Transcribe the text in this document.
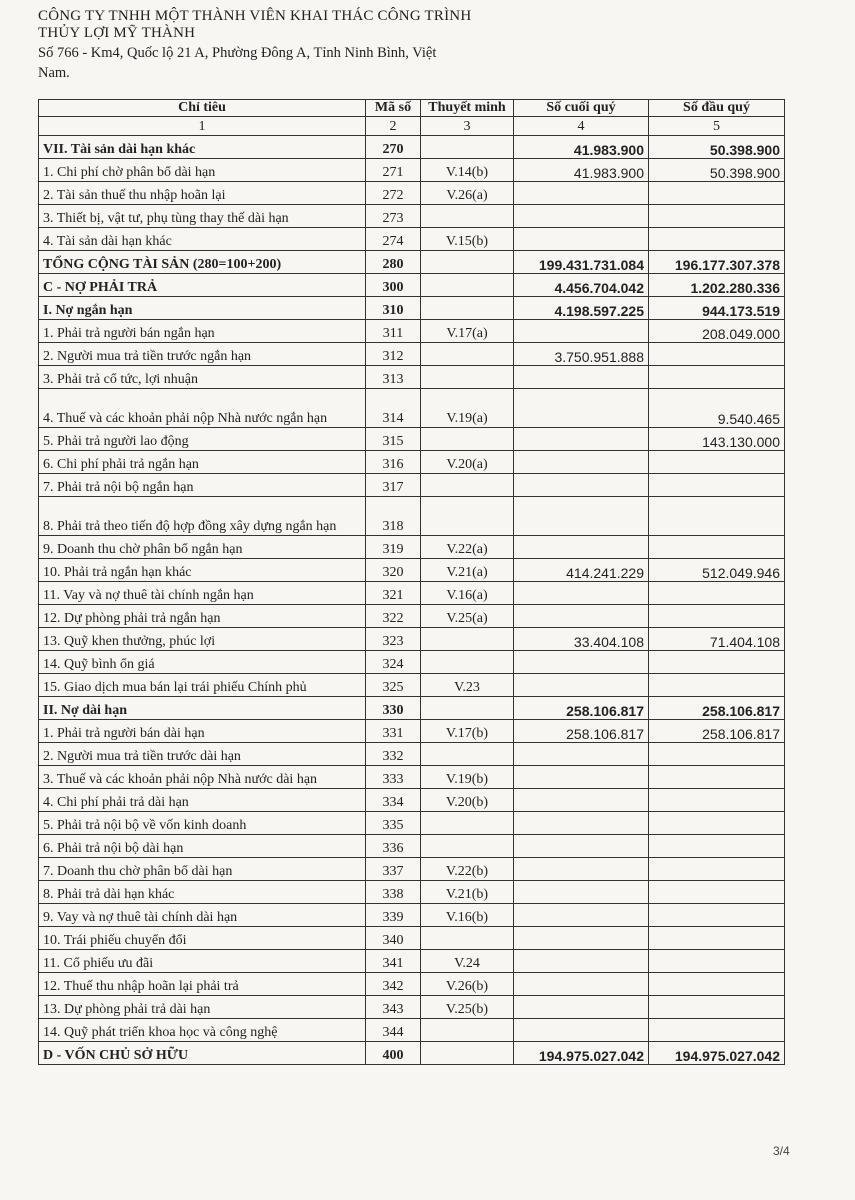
CÔNG TY TNHH MỘT THÀNH VIÊN KHAI THÁC CÔNG TRÌNH
THỦY LỢI MỸ THÀNH
Số 766 - Km4, Quốc lộ 21 A, Phường Đông A, Tỉnh Ninh Bình, Việt
Nam.
Chỉ tiêu	Mã số	Thuyết minh	Số cuối quý	Số đầu quý
1	2	3	4	5
VII. Tài sản dài hạn khác	270		41.983.900	50.398.900
1. Chi phí chờ phân bổ dài hạn	271	V.14(b)	41.983.900	50.398.900
2. Tài sản thuế thu nhập hoãn lại	272	V.26(a)		
3. Thiết bị, vật tư, phụ tùng thay thế dài hạn	273			
4. Tài sản dài hạn khác	274	V.15(b)		
TỔNG CỘNG TÀI SẢN (280=100+200)	280		199.431.731.084	196.177.307.378
C - NỢ PHẢI TRẢ	300		4.456.704.042	1.202.280.336
I. Nợ ngắn hạn	310		4.198.597.225	944.173.519
1. Phải trả người bán ngắn hạn	311	V.17(a)		208.049.000
2. Người mua trả tiền trước ngắn hạn	312		3.750.951.888	
3. Phải trả cổ tức, lợi nhuận	313			
4. Thuế và các khoản phải nộp Nhà nước ngắn hạn	314	V.19(a)		9.540.465
5. Phải trả người lao động	315			143.130.000
6. Chi phí phải trả ngắn hạn	316	V.20(a)		
7. Phải trả nội bộ ngắn hạn	317			
8. Phải trả theo tiến độ hợp đồng xây dựng ngắn hạn	318			
9. Doanh thu chờ phân bổ ngắn hạn	319	V.22(a)		
10. Phải trả ngắn hạn khác	320	V.21(a)	414.241.229	512.049.946
11. Vay và nợ thuê tài chính ngắn hạn	321	V.16(a)		
12. Dự phòng phải trả ngắn hạn	322	V.25(a)		
13. Quỹ khen thưởng, phúc lợi	323		33.404.108	71.404.108
14. Quỹ bình ổn giá	324			
15. Giao dịch mua bán lại trái phiếu Chính phủ	325	V.23		
II. Nợ dài hạn	330		258.106.817	258.106.817
1. Phải trả người bán dài hạn	331	V.17(b)	258.106.817	258.106.817
2. Người mua trả tiền trước dài hạn	332			
3. Thuế và các khoản phải nộp Nhà nước dài hạn	333	V.19(b)		
4. Chi phí phải trả dài hạn	334	V.20(b)		
5. Phải trả nội bộ về vốn kinh doanh	335			
6. Phải trả nội bộ dài hạn	336			
7. Doanh thu chờ phân bổ dài hạn	337	V.22(b)		
8. Phải trả dài hạn khác	338	V.21(b)		
9. Vay và nợ thuê tài chính dài hạn	339	V.16(b)		
10. Trái phiếu chuyển đổi	340			
11. Cổ phiếu ưu đãi	341	V.24		
12. Thuế thu nhập hoãn lại phải trả	342	V.26(b)		
13. Dự phòng phải trả dài hạn	343	V.25(b)		
14. Quỹ phát triển khoa học và công nghệ	344			
D - VỐN CHỦ SỞ HỮU	400		194.975.027.042	194.975.027.042
3/4
